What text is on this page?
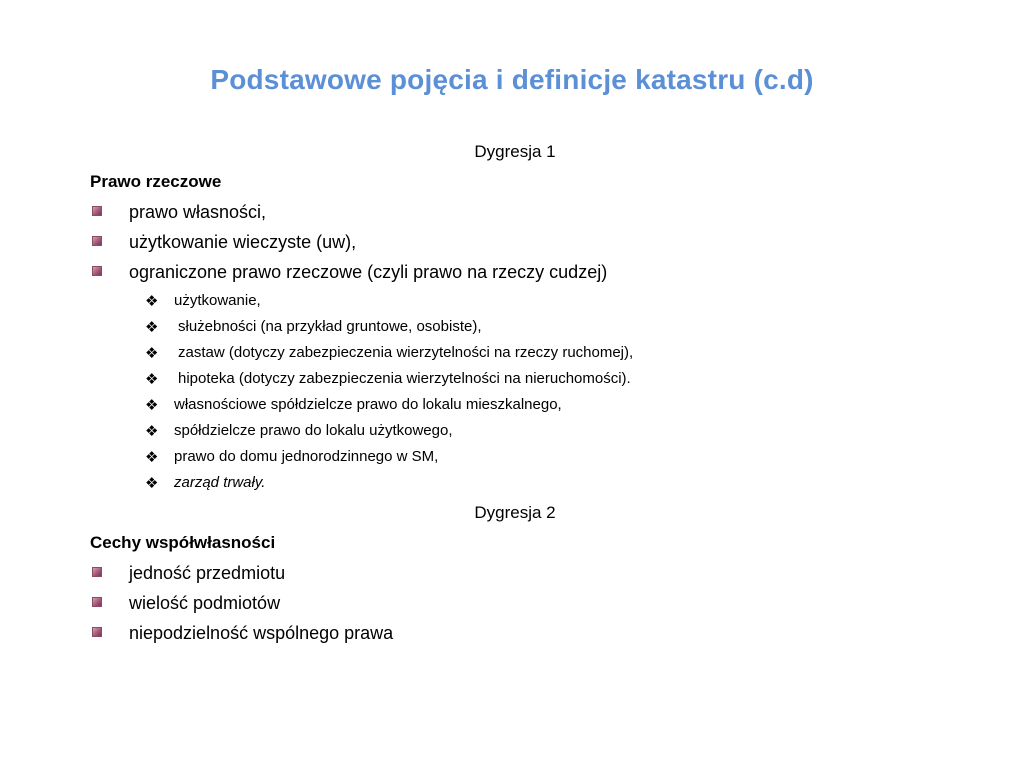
Podstawowe pojęcia i definicje katastru (c.d)
Dygresja 1
Prawo rzeczowe
prawo własności,
użytkowanie wieczyste (uw),
ograniczone prawo rzeczowe (czyli prawo na rzeczy cudzej)
❖ użytkowanie,
❖ służebności (na przykład gruntowe, osobiste),
❖ zastaw (dotyczy zabezpieczenia wierzytelności na rzeczy ruchomej),
❖ hipoteka (dotyczy zabezpieczenia wierzytelności na nieruchomości).
❖ własnościowe spółdzielcze prawo do lokalu mieszkalnego,
❖ spółdzielcze prawo do lokalu użytkowego,
❖ prawo do domu jednorodzinnego w SM,
❖ zarząd trwały.
Dygresja 2
Cechy współwłasności
jedność przedmiotu
wielość podmiotów
niepodzielność wspólnego prawa
